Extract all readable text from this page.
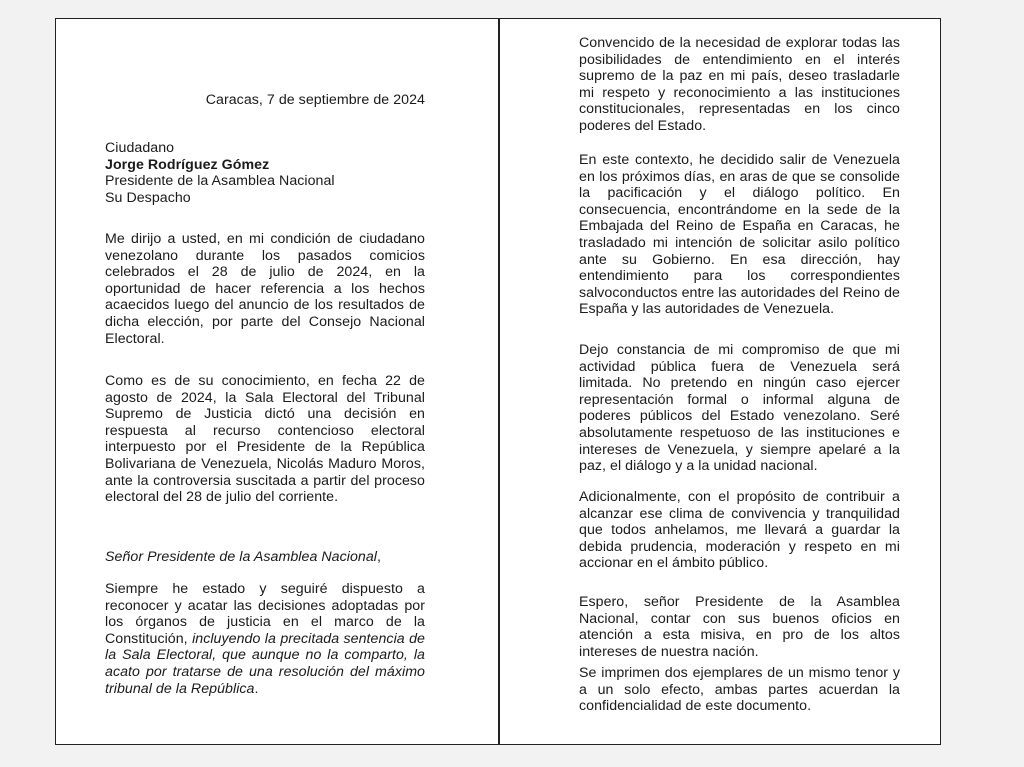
Caracas, 7 de septiembre de 2024

Ciudadano
Jorge Rodríguez Gómez
Presidente de la Asamblea Nacional
Su Despacho

Me dirijo a usted, en mi condición de ciudadano venezolano durante los pasados comicios celebrados el 28 de julio de 2024, en la oportunidad de hacer referencia a los hechos acaecidos luego del anuncio de los resultados de dicha elección, por parte del Consejo Nacional Electoral.

Como es de su conocimiento, en fecha 22 de agosto de 2024, la Sala Electoral del Tribunal Supremo de Justicia dictó una decisión en respuesta al recurso contencioso electoral interpuesto por el Presidente de la República Bolivariana de Venezuela, Nicolás Maduro Moros, ante la controversia suscitada a partir del proceso electoral del 28 de julio del corriente.

Señor Presidente de la Asamblea Nacional,

Siempre he estado y seguiré dispuesto a reconocer y acatar las decisiones adoptadas por los órganos de justicia en el marco de la Constitución, incluyendo la precitada sentencia de la Sala Electoral, que aunque no la comparto, la acato por tratarse de una resolución del máximo tribunal de la República.

Convencido de la necesidad de explorar todas las posibilidades de entendimiento en el interés supremo de la paz en mi país, deseo trasladarle mi respeto y reconocimiento a las instituciones constitucionales, representadas en los cinco poderes del Estado.

En este contexto, he decidido salir de Venezuela en los próximos días, en aras de que se consolide la pacificación y el diálogo político. En consecuencia, encontrándome en la sede de la Embajada del Reino de España en Caracas, he trasladado mi intención de solicitar asilo político ante su Gobierno. En esa dirección, hay entendimiento para los correspondientes salvoconductos entre las autoridades del Reino de España y las autoridades de Venezuela.

Dejo constancia de mi compromiso de que mi actividad pública fuera de Venezuela será limitada. No pretendo en ningún caso ejercer representación formal o informal alguna de poderes públicos del Estado venezolano. Seré absolutamente respetuoso de las instituciones e intereses de Venezuela, y siempre apelaré a la paz, el diálogo y a la unidad nacional.

Adicionalmente, con el propósito de contribuir a alcanzar ese clima de convivencia y tranquilidad que todos anhelamos, me llevará a guardar la debida prudencia, moderación y respeto en mi accionar en el ámbito público.

Espero, señor Presidente de la Asamblea Nacional, contar con sus buenos oficios en atención a esta misiva, en pro de los altos intereses de nuestra nación.

Se imprimen dos ejemplares de un mismo tenor y a un solo efecto, ambas partes acuerdan la confidencialidad de este documento.
